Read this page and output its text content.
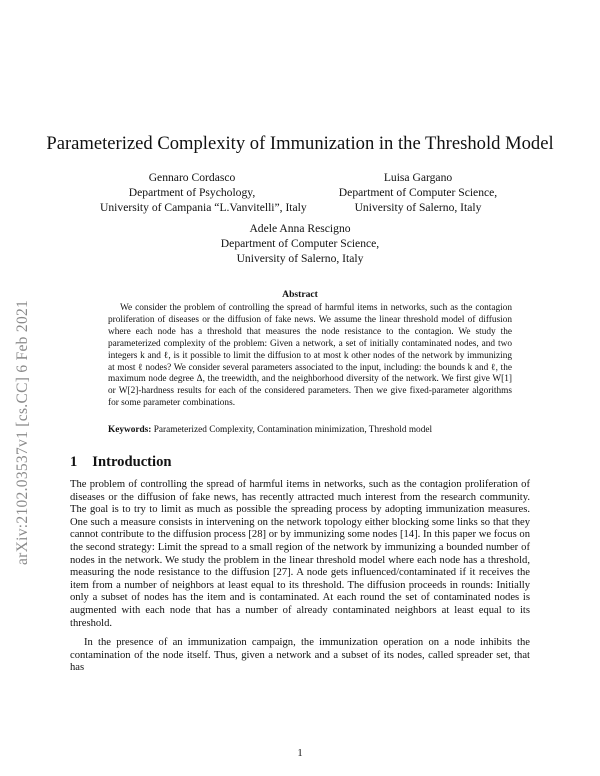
arXiv:2102.03537v1 [cs.CC] 6 Feb 2021
Parameterized Complexity of Immunization in the Threshold Model
Gennaro Cordasco
Department of Psychology,
University of Campania “L.Vanvitelli”, Italy
Luisa Gargano
Department of Computer Science,
University of Salerno, Italy
Adele Anna Rescigno
Department of Computer Science,
University of Salerno, Italy
Abstract

We consider the problem of controlling the spread of harmful items in networks, such as the contagion proliferation of diseases or the diffusion of fake news. We assume the linear threshold model of diffusion where each node has a threshold that measures the node resistance to the contagion. We study the parameterized complexity of the problem: Given a network, a set of initially contaminated nodes, and two integers k and ℓ, is it possible to limit the diffusion to at most k other nodes of the network by immunizing at most ℓ nodes? We consider several parameters associated to the input, including: the bounds k and ℓ, the maximum node degree Δ, the treewidth, and the neighborhood diversity of the network. We first give W[1] or W[2]-hardness results for each of the considered parameters. Then we give fixed-parameter algorithms for some parameter combinations.

Keywords: Parameterized Complexity, Contamination minimization, Threshold model
1 Introduction

The problem of controlling the spread of harmful items in networks, such as the contagion proliferation of diseases or the diffusion of fake news, has recently attracted much interest from the research community. The goal is to try to limit as much as possible the spreading process by adopting immunization measures. One such a measure consists in intervening on the network topology either blocking some links so that they cannot contribute to the diffusion process [28] or by immunizing some nodes [14]. In this paper we focus on the second strategy: Limit the spread to a small region of the network by immunizing a bounded number of nodes in the network. We study the problem in the linear threshold model where each node has a threshold, measuring the node resistance to the diffusion [27]. A node gets influenced/contaminated if it receives the item from a number of neighbors at least equal to its threshold. The diffusion proceeds in rounds: Initially only a subset of nodes has the item and is contaminated. At each round the set of contaminated nodes is augmented with each node that has a number of already contaminated neighbors at least equal to its threshold.

In the presence of an immunization campaign, the immunization operation on a node inhibits the contamination of the node itself. Thus, given a network and a subset of its nodes, called spreader set, that has

1
